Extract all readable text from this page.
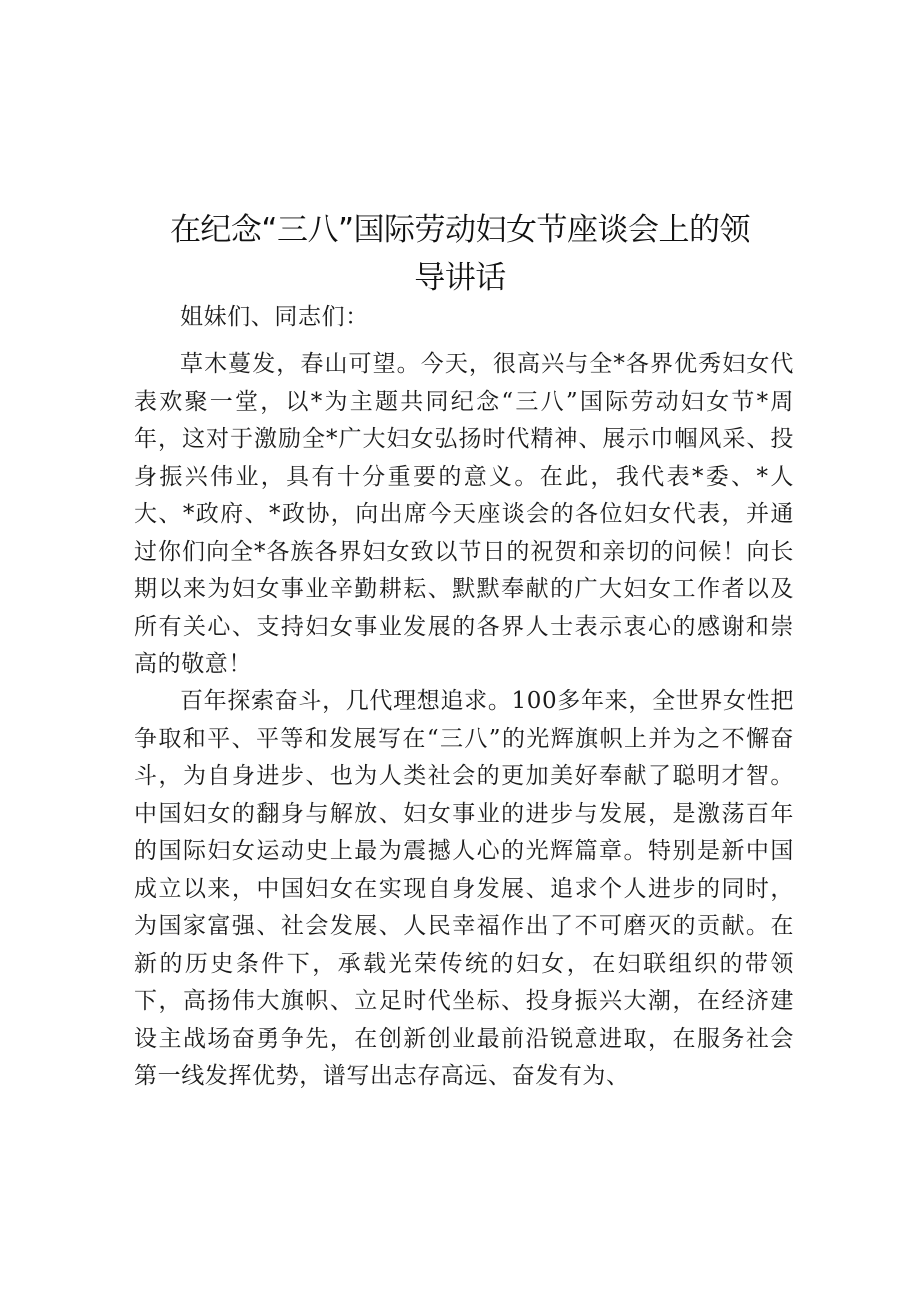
在纪念“三八”国际劳动妇女节座谈会上的领
导讲话

姐妹们、同志们：

草木蔓发，春山可望。今天，很高兴与全*各界优秀妇女代表欢聚一堂，以*为主题共同纪念“三八”国际劳动妇女节*周年，这对于激励全*广大妇女弘扬时代精神、展示巾帼风采、投身振兴伟业，具有十分重要的意义。在此，我代表*委、*人大、*政府、*政协，向出席今天座谈会的各位妇女代表，并通过你们向全*各族各界妇女致以节日的祝贺和亲切的问候！向长期以来为妇女事业辛勤耕耘、默默奉献的广大妇女工作者以及所有关心、支持妇女事业发展的各界人士表示衷心的感谢和崇高的敬意！

百年探索奋斗，几代理想追求。100多年来，全世界女性把争取和平、平等和发展写在“三八”的光辉旗帜上并为之不懈奋斗，为自身进步、也为人类社会的更加美好奉献了聪明才智。中国妇女的翻身与解放、妇女事业的进步与发展，是激荡百年的国际妇女运动史上最为震撼人心的光辉篇章。特别是新中国成立以来，中国妇女在实现自身发展、追求个人进步的同时，为国家富强、社会发展、人民幸福作出了不可磨灭的贡献。在新的历史条件下，承载光荣传统的妇女，在妇联组织的带领下，高扬伟大旗帜、立足时代坐标、投身振兴大潮，在经济建设主战场奋勇争先，在创新创业最前沿锐意进取，在服务社会第一线发挥优势，谱写出志存高远、奋发有为、
